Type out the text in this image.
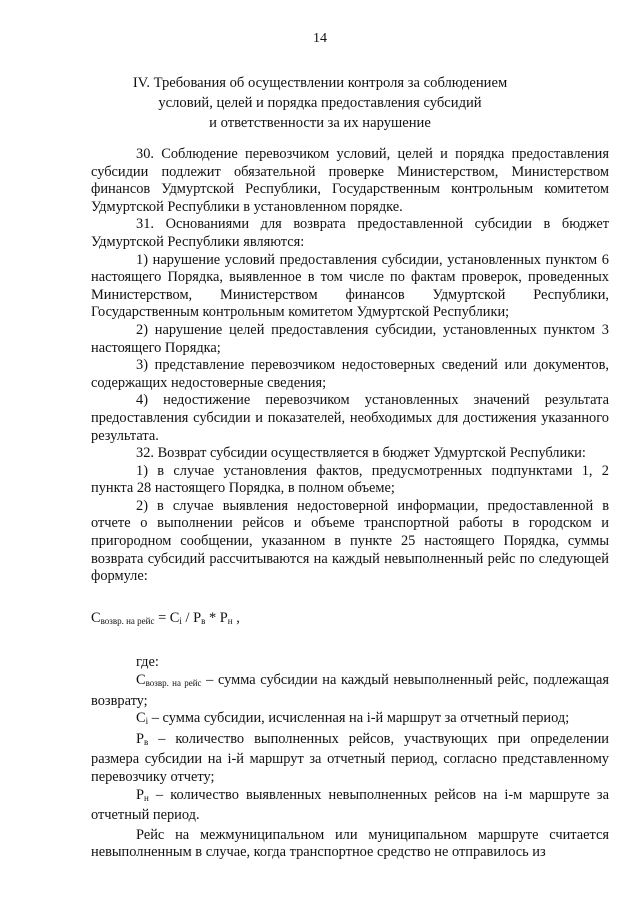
14
IV. Требования об осуществлении контроля за соблюдением
условий, целей и порядка предоставления субсидий
и ответственности за их нарушение

30. Соблюдение перевозчиком условий, целей и порядка предоставления субсидии подлежит обязательной проверке Министерством, Министерством финансов Удмуртской Республики, Государственным контрольным комитетом Удмуртской Республики в установленном порядке.

31. Основаниями для возврата предоставленной субсидии в бюджет Удмуртской Республики являются:

1) нарушение условий предоставления субсидии, установленных пунктом 6 настоящего Порядка, выявленное в том числе по фактам проверок, проведенных Министерством, Министерством финансов Удмуртской Республики, Государственным контрольным комитетом Удмуртской Республики;

2) нарушение целей предоставления субсидии, установленных пунктом 3 настоящего Порядка;

3) представление перевозчиком недостоверных сведений или документов, содержащих недостоверные сведения;

4) недостижение перевозчиком установленных значений результата предоставления субсидии и показателей, необходимых для достижения указанного результата.

32. Возврат субсидии осуществляется в бюджет Удмуртской Республики:

1) в случае установления фактов, предусмотренных подпунктами 1, 2 пункта 28 настоящего Порядка, в полном объеме;

2) в случае выявления недостоверной информации, предоставленной в отчете о выполнении рейсов и объеме транспортной работы в городском и пригородном сообщении, указанном в пункте 25 настоящего Порядка, суммы возврата субсидий рассчитываются на каждый невыполненный рейс по следующей формуле:

$C_{возвр. на рейс} = C_i / P_в * P_н$ ,

где:

$C_{возвр. на рейс}$ – сумма субсидии на каждый невыполненный рейс, подлежащая возврату;

$C_i$ – сумма субсидии, исчисленная на i-й маршрут за отчетный период;

$P_в$ – количество выполненных рейсов, участвующих при определении размера субсидии на i-й маршрут за отчетный период, согласно представленному перевозчику отчету;

$P_н$ – количество выявленных невыполненных рейсов на i-м маршруте за отчетный период.

Рейс на межмуниципальном или муниципальном маршруте считается невыполненным в случае, когда транспортное средство не отправилось из
